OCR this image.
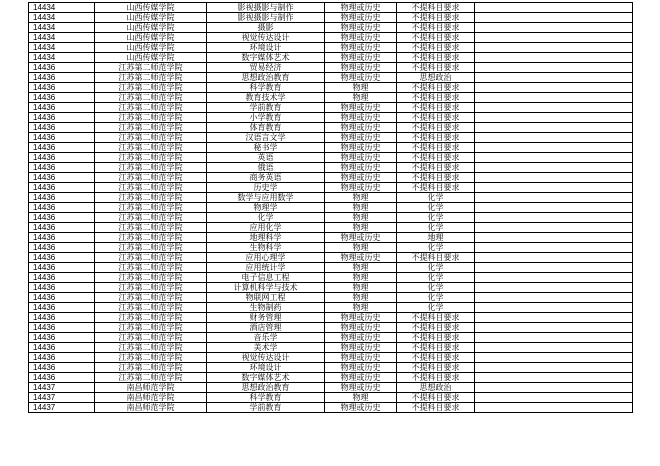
14434	山西传媒学院	影视摄影与制作	物理或历史	不提科目要求	
14434	山西传媒学院	影视摄影与制作	物理或历史	不提科目要求	
14434	山西传媒学院	摄影	物理或历史	不提科目要求	
14434	山西传媒学院	视觉传达设计	物理或历史	不提科目要求	
14434	山西传媒学院	环境设计	物理或历史	不提科目要求	
14434	山西传媒学院	数字媒体艺术	物理或历史	不提科目要求	
14436	江苏第二师范学院	贸易经济	物理或历史	不提科目要求	
14436	江苏第二师范学院	思想政治教育	物理或历史	思想政治	
14436	江苏第二师范学院	科学教育	物理	不提科目要求	
14436	江苏第二师范学院	教育技术学	物理	不提科目要求	
14436	江苏第二师范学院	学前教育	物理或历史	不提科目要求	
14436	江苏第二师范学院	小学教育	物理或历史	不提科目要求	
14436	江苏第二师范学院	体育教育	物理或历史	不提科目要求	
14436	江苏第二师范学院	汉语言文学	物理或历史	不提科目要求	
14436	江苏第二师范学院	秘书学	物理或历史	不提科目要求	
14436	江苏第二师范学院	英语	物理或历史	不提科目要求	
14436	江苏第二师范学院	俄语	物理或历史	不提科目要求	
14436	江苏第二师范学院	商务英语	物理或历史	不提科目要求	
14436	江苏第二师范学院	历史学	物理或历史	不提科目要求	
14436	江苏第二师范学院	数学与应用数学	物理	化学	
14436	江苏第二师范学院	物理学	物理	化学	
14436	江苏第二师范学院	化学	物理	化学	
14436	江苏第二师范学院	应用化学	物理	化学	
14436	江苏第二师范学院	地理科学	物理或历史	地理	
14436	江苏第二师范学院	生物科学	物理	化学	
14436	江苏第二师范学院	应用心理学	物理或历史	不提科目要求	
14436	江苏第二师范学院	应用统计学	物理	化学	
14436	江苏第二师范学院	电子信息工程	物理	化学	
14436	江苏第二师范学院	计算机科学与技术	物理	化学	
14436	江苏第二师范学院	物联网工程	物理	化学	
14436	江苏第二师范学院	生物制药	物理	化学	
14436	江苏第二师范学院	财务管理	物理或历史	不提科目要求	
14436	江苏第二师范学院	酒店管理	物理或历史	不提科目要求	
14436	江苏第二师范学院	音乐学	物理或历史	不提科目要求	
14436	江苏第二师范学院	美术学	物理或历史	不提科目要求	
14436	江苏第二师范学院	视觉传达设计	物理或历史	不提科目要求	
14436	江苏第二师范学院	环境设计	物理或历史	不提科目要求	
14436	江苏第二师范学院	数字媒体艺术	物理或历史	不提科目要求	
14437	南昌师范学院	思想政治教育	物理或历史	思想政治	
14437	南昌师范学院	科学教育	物理	不提科目要求	
14437	南昌师范学院	学前教育	物理或历史	不提科目要求	
